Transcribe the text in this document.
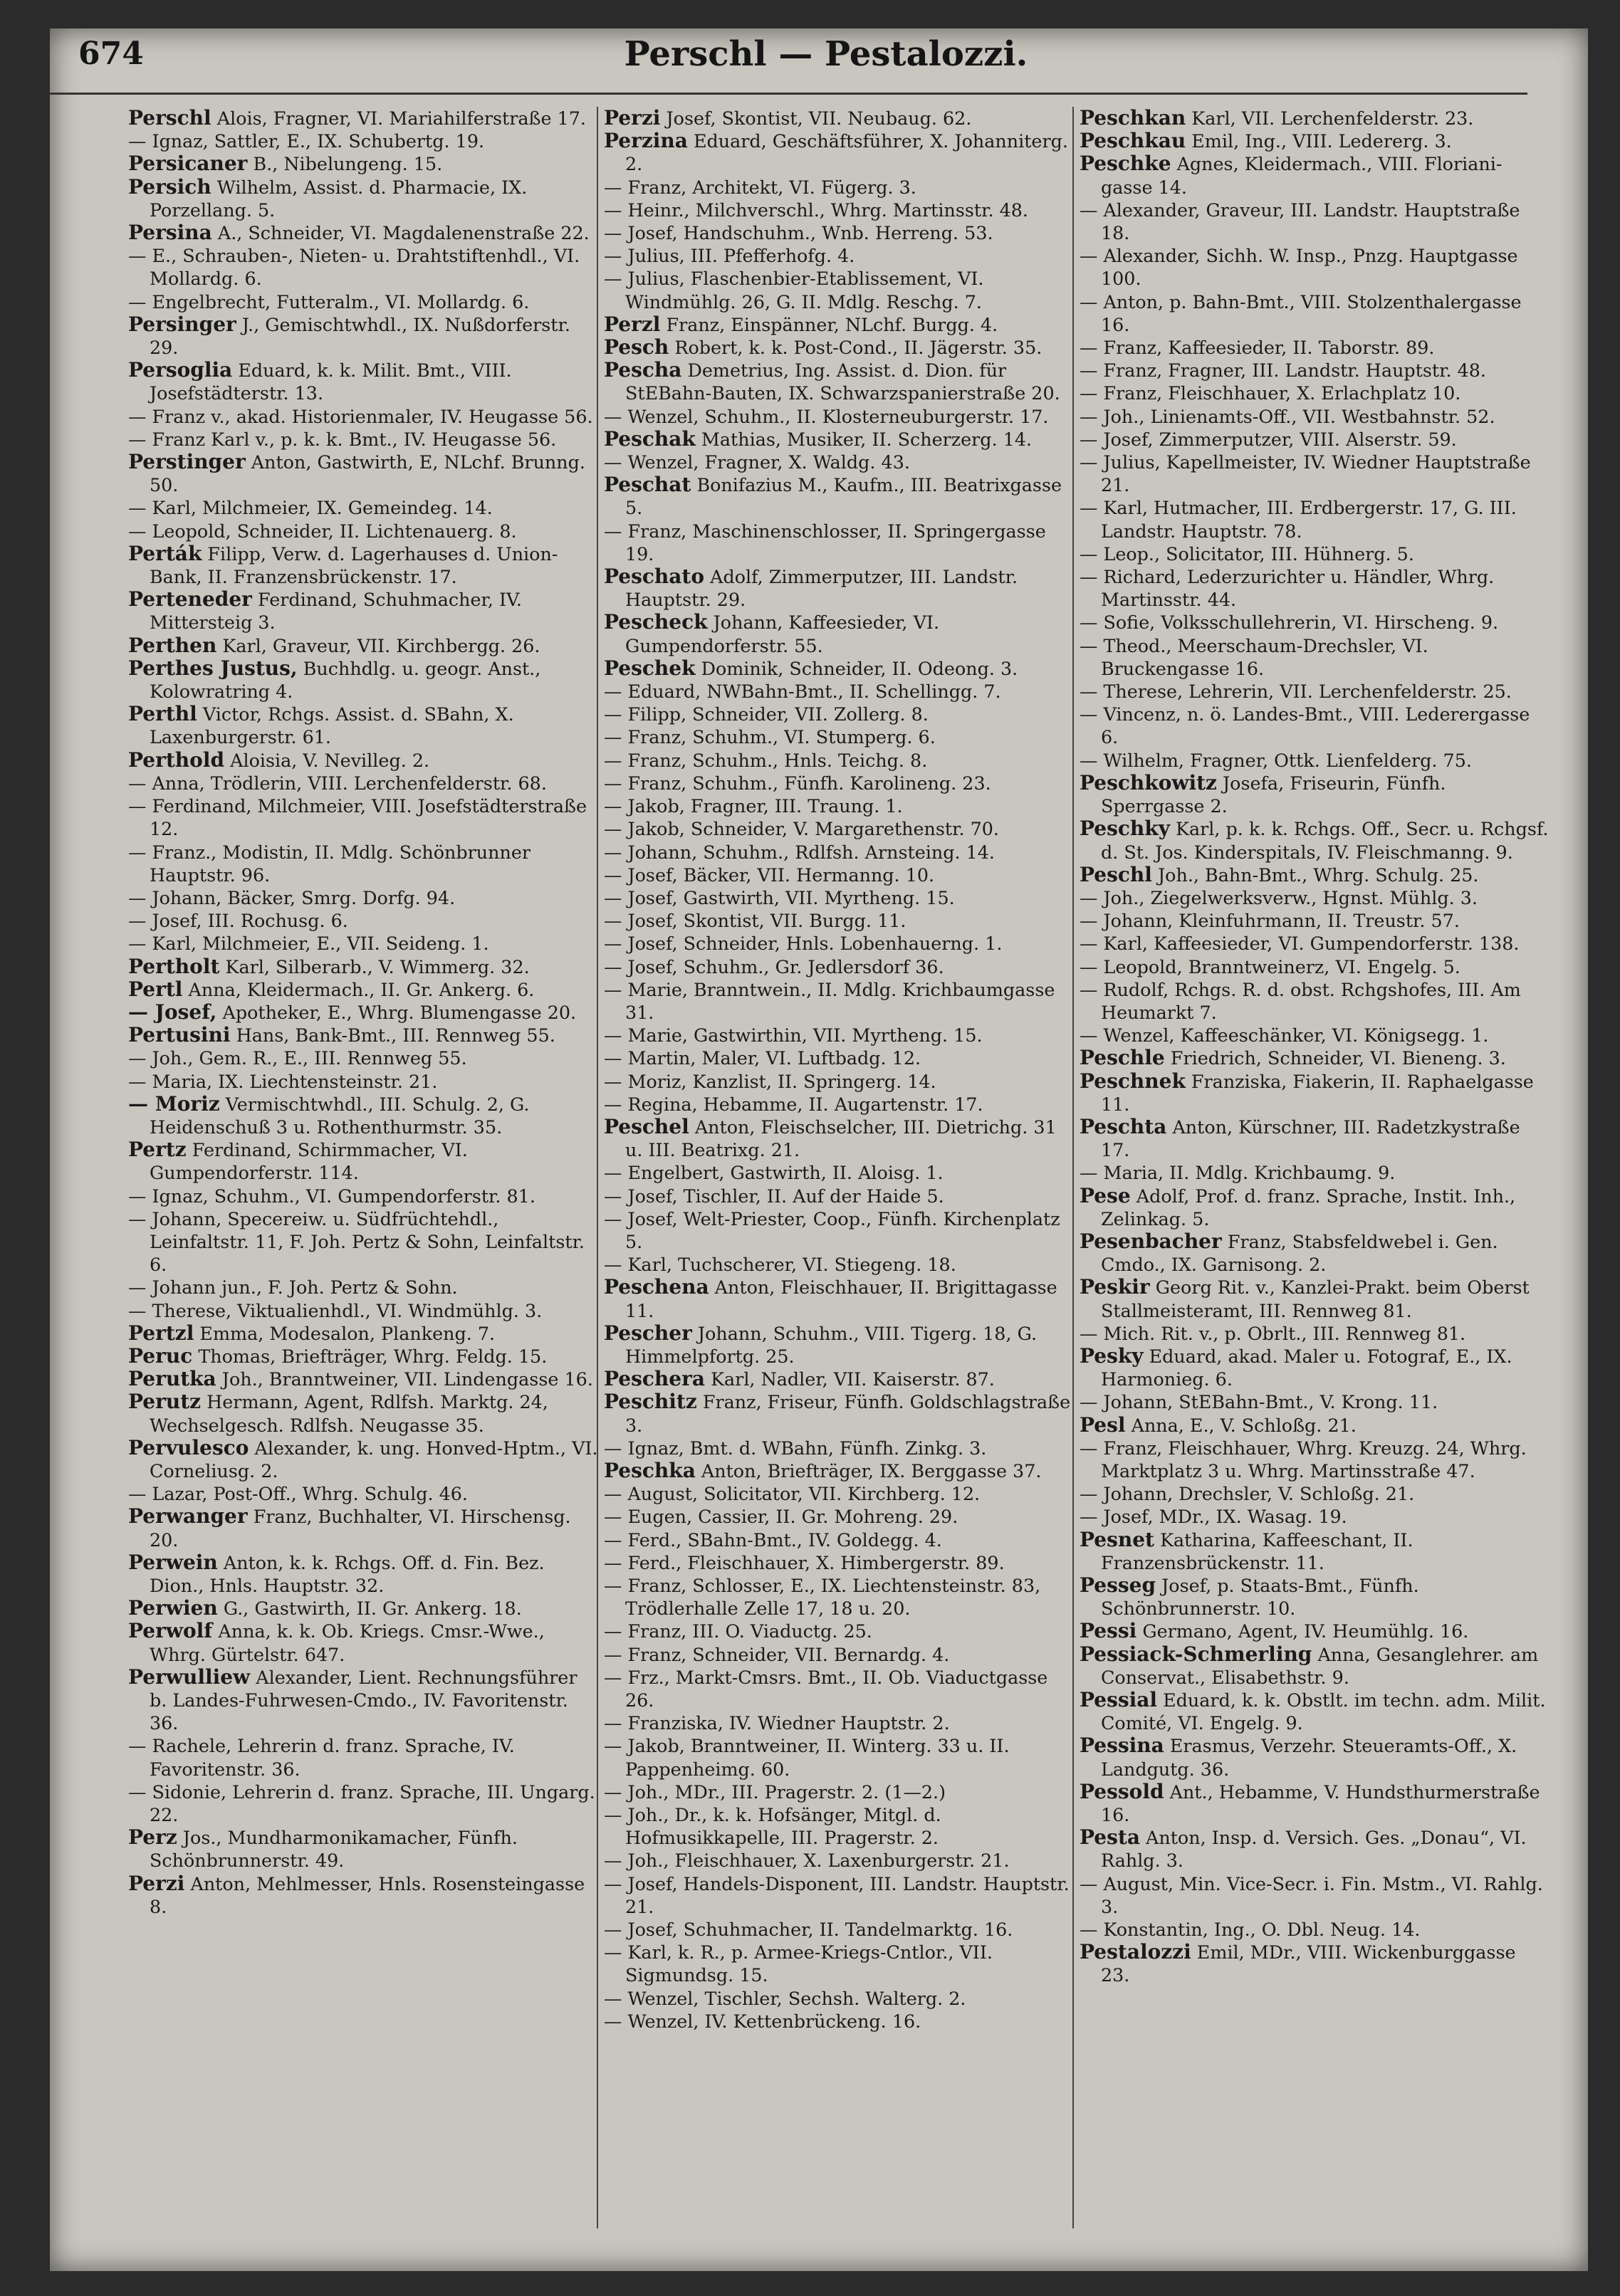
674	Perschl — Pestalozzi.

Perschl Alois, Fragner, VI. Mariahilferstraße 17.

— Ignaz, Sattler, E., IX. Schubertg. 19.

Persicaner B., Nibelungeng. 15.

Persich Wilhelm, Assist. d. Pharmacie, IX. Porzellang. 5.

Persina A., Schneider, VI. Magdalenenstraße 22.

— E., Schrauben-, Nieten- u. Drahtstiftenhdl., VI. Mollardg. 6.

— Engelbrecht, Futteralm., VI. Mollardg. 6.

Persinger J., Gemischtwhdl., IX. Nußdorferstr. 29.

Persoglia Eduard, k. k. Milit. Bmt., VIII. Josefstädterstr. 13.

— Franz v., akad. Historienmaler, IV. Heugasse 56.

— Franz Karl v., p. k. k. Bmt., IV. Heugasse 56.

Perstinger Anton, Gastwirth, E, NLchf. Brunng. 50.

— Karl, Milchmeier, IX. Gemeindeg. 14.

— Leopold, Schneider, II. Lichtenauerg. 8.

Perták Filipp, Verw. d. Lagerhauses d. Union-Bank, II. Franzensbrückenstr. 17.

Perteneder Ferdinand, Schuhmacher, IV. Mittersteig 3.

Perthen Karl, Graveur, VII. Kirchbergg. 26.

Perthes Justus, Buchhdlg. u. geogr. Anst., Kolowratring 4.

Perthl Victor, Rchgs. Assist. d. SBahn, X. Laxenburgerstr. 61.

Perthold Aloisia, V. Nevilleg. 2.

— Anna, Trödlerin, VIII. Lerchenfelderstr. 68.

— Ferdinand, Milchmeier, VIII. Josefstädterstraße 12.

— Franz., Modistin, II. Mdlg. Schönbrunner Hauptstr. 96.

— Johann, Bäcker, Smrg. Dorfg. 94.

— Josef, III. Rochusg. 6.

— Karl, Milchmeier, E., VII. Seideng. 1.

Pertholt Karl, Silberarb., V. Wimmerg. 32.

Pertl Anna, Kleidermach., II. Gr. Ankerg. 6.

— Josef, Apotheker, E., Whrg. Blumengasse 20.

Pertusini Hans, Bank-Bmt., III. Rennweg 55.

— Joh., Gem. R., E., III. Rennweg 55.

— Maria, IX. Liechtensteinstr. 21.

— Moriz Vermischtwhdl., III. Schulg. 2, G. Heidenschuß 3 u. Rothenthurmstr. 35.

Pertz Ferdinand, Schirmmacher, VI. Gumpendorferstr. 114.

— Ignaz, Schuhm., VI. Gumpendorferstr. 81.

— Johann, Specereiw. u. Südfrüchtehdl., Leinfaltstr. 11, F. Joh. Pertz & Sohn, Leinfaltstr. 6.

— Johann jun., F. Joh. Pertz & Sohn.

— Therese, Viktualienhdl., VI. Windmühlg. 3.

Pertzl Emma, Modesalon, Plankeng. 7.

Peruc Thomas, Briefträger, Whrg. Feldg. 15.

Perutka Joh., Branntweiner, VII. Lindengasse 16.

Perutz Hermann, Agent, Rdlfsh. Marktg. 24, Wechselgesch. Rdlfsh. Neugasse 35.

Pervulesco Alexander, k. ung. Honved-Hptm., VI. Corneliusg. 2.

— Lazar, Post-Off., Whrg. Schulg. 46.

Perwanger Franz, Buchhalter, VI. Hirschensg. 20.

Perwein Anton, k. k. Rchgs. Off. d. Fin. Bez. Dion., Hnls. Hauptstr. 32.

Perwien G., Gastwirth, II. Gr. Ankerg. 18.

Perwolf Anna, k. k. Ob. Kriegs. Cmsr.-Wwe., Whrg. Gürtelstr. 647.

Perwulliew Alexander, Lient. Rechnungsführer b. Landes-Fuhrwesen-Cmdo., IV. Favoritenstr. 36.

— Rachele, Lehrerin d. franz. Sprache, IV. Favoritenstr. 36.

— Sidonie, Lehrerin d. franz. Sprache, III. Ungarg. 22.

Perz Jos., Mundharmonikamacher, Fünfh. Schönbrunnerstr. 49.

Perzi Anton, Mehlmesser, Hnls. Rosensteingasse 8.

Perzi Josef, Skontist, VII. Neubaug. 62.

Perzina Eduard, Geschäftsführer, X. Johanniterg. 2.

— Franz, Architekt, VI. Fügerg. 3.

— Heinr., Milchverschl., Whrg. Martinsstr. 48.

— Josef, Handschuhm., Wnb. Herreng. 53.

— Julius, III. Pfefferhofg. 4.

— Julius, Flaschenbier-Etablissement, VI. Windmühlg. 26, G. II. Mdlg. Reschg. 7.

Perzl Franz, Einspänner, NLchf. Burgg. 4.

Pesch Robert, k. k. Post-Cond., II. Jägerstr. 35.

Pescha Demetrius, Ing. Assist. d. Dion. für StEBahn-Bauten, IX. Schwarzspanierstraße 20.

— Wenzel, Schuhm., II. Klosterneuburgerstr. 17.

Peschak Mathias, Musiker, II. Scherzerg. 14.

— Wenzel, Fragner, X. Waldg. 43.

Peschat Bonifazius M., Kaufm., III. Beatrixgasse 5.

— Franz, Maschinenschlosser, II. Springergasse 19.

Peschato Adolf, Zimmerputzer, III. Landstr. Hauptstr. 29.

Pescheck Johann, Kaffeesieder, VI. Gumpendorferstr. 55.

Peschek Dominik, Schneider, II. Odeong. 3.

— Eduard, NWBahn-Bmt., II. Schellingg. 7.

— Filipp, Schneider, VII. Zollerg. 8.

— Franz, Schuhm., VI. Stumperg. 6.

— Franz, Schuhm., Hnls. Teichg. 8.

— Franz, Schuhm., Fünfh. Karolineng. 23.

— Jakob, Fragner, III. Traung. 1.

— Jakob, Schneider, V. Margarethenstr. 70.

— Johann, Schuhm., Rdlfsh. Arnsteing. 14.

— Josef, Bäcker, VII. Hermanng. 10.

— Josef, Gastwirth, VII. Myrtheng. 15.

— Josef, Skontist, VII. Burgg. 11.

— Josef, Schneider, Hnls. Lobenhauerng. 1.

— Josef, Schuhm., Gr. Jedlersdorf 36.

— Marie, Branntwein., II. Mdlg. Krichbaumgasse 31.

— Marie, Gastwirthin, VII. Myrtheng. 15.

— Martin, Maler, VI. Luftbadg. 12.

— Moriz, Kanzlist, II. Springerg. 14.

— Regina, Hebamme, II. Augartenstr. 17.

Peschel Anton, Fleischselcher, III. Dietrichg. 31 u. III. Beatrixg. 21.

— Engelbert, Gastwirth, II. Aloisg. 1.

— Josef, Tischler, II. Auf der Haide 5.

— Josef, Welt-Priester, Coop., Fünfh. Kirchenplatz 5.

— Karl, Tuchscherer, VI. Stiegeng. 18.

Peschena Anton, Fleischhauer, II. Brigittagasse 11.

Pescher Johann, Schuhm., VIII. Tigerg. 18, G. Himmelpfortg. 25.

Peschera Karl, Nadler, VII. Kaiserstr. 87.

Peschitz Franz, Friseur, Fünfh. Goldschlagstraße 3.

— Ignaz, Bmt. d. WBahn, Fünfh. Zinkg. 3.

Peschka Anton, Briefträger, IX. Berggasse 37.

— August, Solicitator, VII. Kirchberg. 12.

— Eugen, Cassier, II. Gr. Mohreng. 29.

— Ferd., SBahn-Bmt., IV. Goldegg. 4.

— Ferd., Fleischhauer, X. Himbergerstr. 89.

— Franz, Schlosser, E., IX. Liechtensteinstr. 83, Trödlerhalle Zelle 17, 18 u. 20.

— Franz, III. O. Viaductg. 25.

— Franz, Schneider, VII. Bernardg. 4.

— Frz., Markt-Cmsrs. Bmt., II. Ob. Viaductgasse 26.

— Franziska, IV. Wiedner Hauptstr. 2.

— Jakob, Branntweiner, II. Winterg. 33 u. II. Pappenheimg. 60.

— Joh., MDr., III. Pragerstr. 2. (1—2.)

— Joh., Dr., k. k. Hofsänger, Mitgl. d. Hofmusikkapelle, III. Pragerstr. 2.

— Joh., Fleischhauer, X. Laxenburgerstr. 21.

— Josef, Handels-Disponent, III. Landstr. Hauptstr. 21.

— Josef, Schuhmacher, II. Tandelmarktg. 16.

— Karl, k. R., p. Armee-Kriegs-Cntlor., VII. Sigmundsg. 15.

— Wenzel, Tischler, Sechsh. Walterg. 2.

— Wenzel, IV. Kettenbrückeng. 16.

Peschkan Karl, VII. Lerchenfelderstr. 23.

Peschkau Emil, Ing., VIII. Ledererg. 3.

Peschke Agnes, Kleidermach., VIII. Floriani-gasse 14.

— Alexander, Graveur, III. Landstr. Hauptstraße 18.

— Alexander, Sichh. W. Insp., Pnzg. Hauptgasse 100.

— Anton, p. Bahn-Bmt., VIII. Stolzenthalergasse 16.

— Franz, Kaffeesieder, II. Taborstr. 89.

— Franz, Fragner, III. Landstr. Hauptstr. 48.

— Franz, Fleischhauer, X. Erlachplatz 10.

— Joh., Linienamts-Off., VII. Westbahnstr. 52.

— Josef, Zimmerputzer, VIII. Alserstr. 59.

— Julius, Kapellmeister, IV. Wiedner Hauptstraße 21.

— Karl, Hutmacher, III. Erdbergerstr. 17, G. III. Landstr. Hauptstr. 78.

— Leop., Solicitator, III. Hühnerg. 5.

— Richard, Lederzurichter u. Händler, Whrg. Martinsstr. 44.

— Sofie, Volksschullehrerin, VI. Hirscheng. 9.

— Theod., Meerschaum-Drechsler, VI. Bruckengasse 16.

— Therese, Lehrerin, VII. Lerchenfelderstr. 25.

— Vincenz, n. ö. Landes-Bmt., VIII. Lederergasse 6.

— Wilhelm, Fragner, Ottk. Lienfelderg. 75.

Peschkowitz Josefa, Friseurin, Fünfh. Sperrgasse 2.

Peschky Karl, p. k. k. Rchgs. Off., Secr. u. Rchgsf. d. St. Jos. Kinderspitals, IV. Fleischmanng. 9.

Peschl Joh., Bahn-Bmt., Whrg. Schulg. 25.

— Joh., Ziegelwerksverw., Hgnst. Mühlg. 3.

— Johann, Kleinfuhrmann, II. Treustr. 57.

— Karl, Kaffeesieder, VI. Gumpendorferstr. 138.

— Leopold, Branntweinerz, VI. Engelg. 5.

— Rudolf, Rchgs. R. d. obst. Rchgshofes, III. Am Heumarkt 7.

— Wenzel, Kaffeeschänker, VI. Königsegg. 1.

Peschle Friedrich, Schneider, VI. Bieneng. 3.

Peschnek Franziska, Fiakerin, II. Raphaelgasse 11.

Peschta Anton, Kürschner, III. Radetzkystraße 17.

— Maria, II. Mdlg. Krichbaumg. 9.

Pese Adolf, Prof. d. franz. Sprache, Instit. Inh., Zelinkag. 5.

Pesenbacher Franz, Stabsfeldwebel i. Gen. Cmdo., IX. Garnisong. 2.

Peskir Georg Rit. v., Kanzlei-Prakt. beim Oberst Stallmeisteramt, III. Rennweg 81.

— Mich. Rit. v., p. Obrlt., III. Rennweg 81.

Pesky Eduard, akad. Maler u. Fotograf, E., IX. Harmonieg. 6.

— Johann, StEBahn-Bmt., V. Krong. 11.

Pesl Anna, E., V. Schloßg. 21.

— Franz, Fleischhauer, Whrg. Kreuzg. 24, Whrg. Marktplatz 3 u. Whrg. Martinsstraße 47.

— Johann, Drechsler, V. Schloßg. 21.

— Josef, MDr., IX. Wasag. 19.

Pesnet Katharina, Kaffeeschant, II. Franzensbrückenstr. 11.

Pesseg Josef, p. Staats-Bmt., Fünfh. Schönbrunnerstr. 10.

Pessi Germano, Agent, IV. Heumühlg. 16.

Pessiack-Schmerling Anna, Gesanglehrer. am Conservat., Elisabethstr. 9.

Pessial Eduard, k. k. Obstlt. im techn. adm. Milit. Comité, VI. Engelg. 9.

Pessina Erasmus, Verzehr. Steueramts-Off., X. Landgutg. 36.

Pessold Ant., Hebamme, V. Hundsthurmerstraße 16.

Pesta Anton, Insp. d. Versich. Ges. „Donau“, VI. Rahlg. 3.

— August, Min. Vice-Secr. i. Fin. Mstm., VI. Rahlg. 3.

— Konstantin, Ing., O. Dbl. Neug. 14.

Pestalozzi Emil, MDr., VIII. Wickenburggasse 23.
